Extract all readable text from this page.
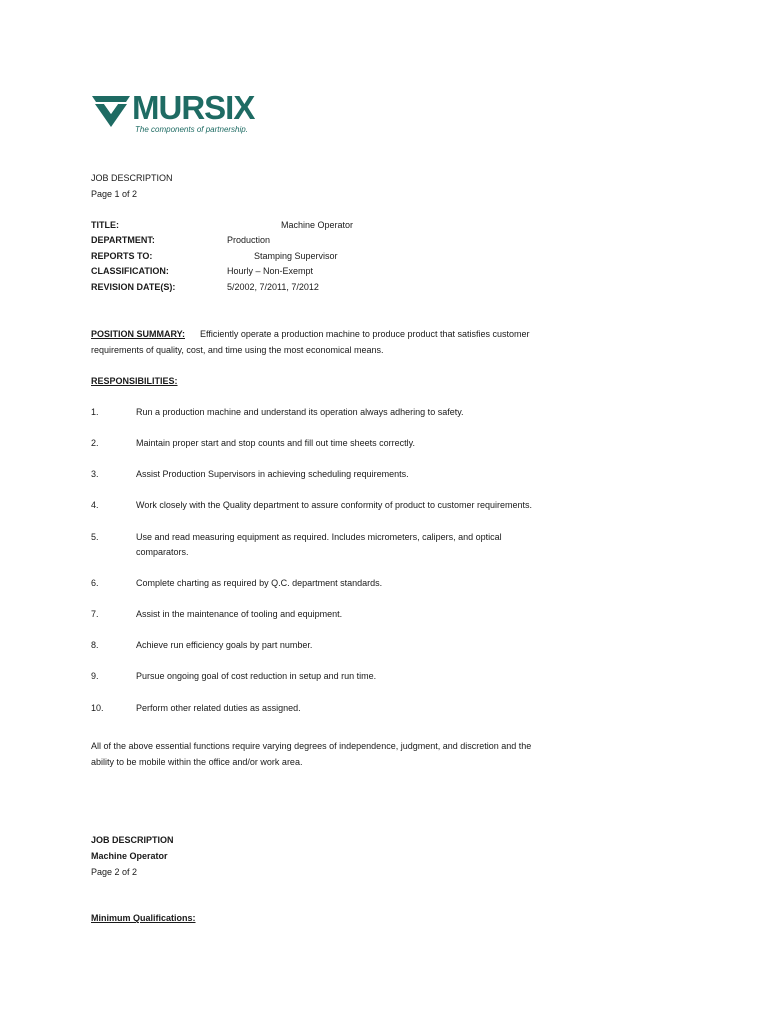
MURSIX
The components of partnership.
JOB DESCRIPTION
Page 1 of 2
TITLE:	Machine Operator
DEPARTMENT:	Production
REPORTS TO:	Stamping Supervisor
CLASSIFICATION:	Hourly – Non-Exempt
REVISION DATE(S):	5/2002, 7/2011, 7/2012
POSITION SUMMARY: Efficiently operate a production machine to produce product that satisfies customer
requirements of quality, cost, and time using the most economical means.
RESPONSIBILITIES:
1.	Run a production machine and understand its operation always adhering to safety.
2.	Maintain proper start and stop counts and fill out time sheets correctly.
3.	Assist Production Supervisors in achieving scheduling requirements.
4.	Work closely with the Quality department to assure conformity of product to customer requirements.
5.	Use and read measuring equipment as required. Includes micrometers, calipers, and optical
comparators.
6.	Complete charting as required by Q.C. department standards.
7.	Assist in the maintenance of tooling and equipment.
8.	Achieve run efficiency goals by part number.
9.	Pursue ongoing goal of cost reduction in setup and run time.
10.	Perform other related duties as assigned.
All of the above essential functions require varying degrees of independence, judgment, and discretion and the
ability to be mobile within the office and/or work area.
JOB DESCRIPTION
Machine Operator
Page 2 of 2
Minimum Qualifications:
